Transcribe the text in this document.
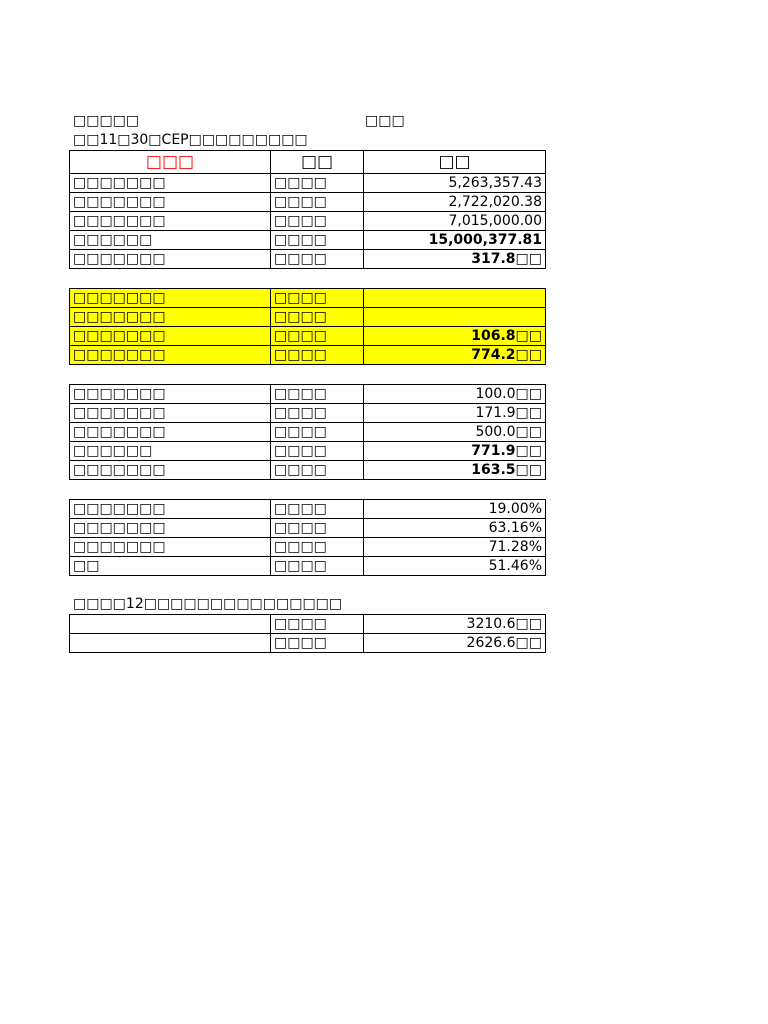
□□□□□	□□□
□□11□30□CEP□□□□□□□□□
□□□	□□	□□
□□□□□□□	□□□□	5,263,357.43
□□□□□□□	□□□□	2,722,020.38
□□□□□□□	□□□□	7,015,000.00
□□□□□□	□□□□	15,000,377.81
□□□□□□□	□□□□	317.8□□
□□□□□□□	□□□□	
□□□□□□□	□□□□	
□□□□□□□	□□□□	106.8□□
□□□□□□□	□□□□	774.2□□
□□□□□□□	□□□□	100.0□□
□□□□□□□	□□□□	171.9□□
□□□□□□□	□□□□	500.0□□
□□□□□□	□□□□	771.9□□
□□□□□□□	□□□□	163.5□□
□□□□□□□	□□□□	19.00%
□□□□□□□	□□□□	63.16%
□□□□□□□	□□□□	71.28%
□□	□□□□	51.46%
□□□□12□□□□□□□□□□□□□□□
	□□□□	3210.6□□
	□□□□	2626.6□□
